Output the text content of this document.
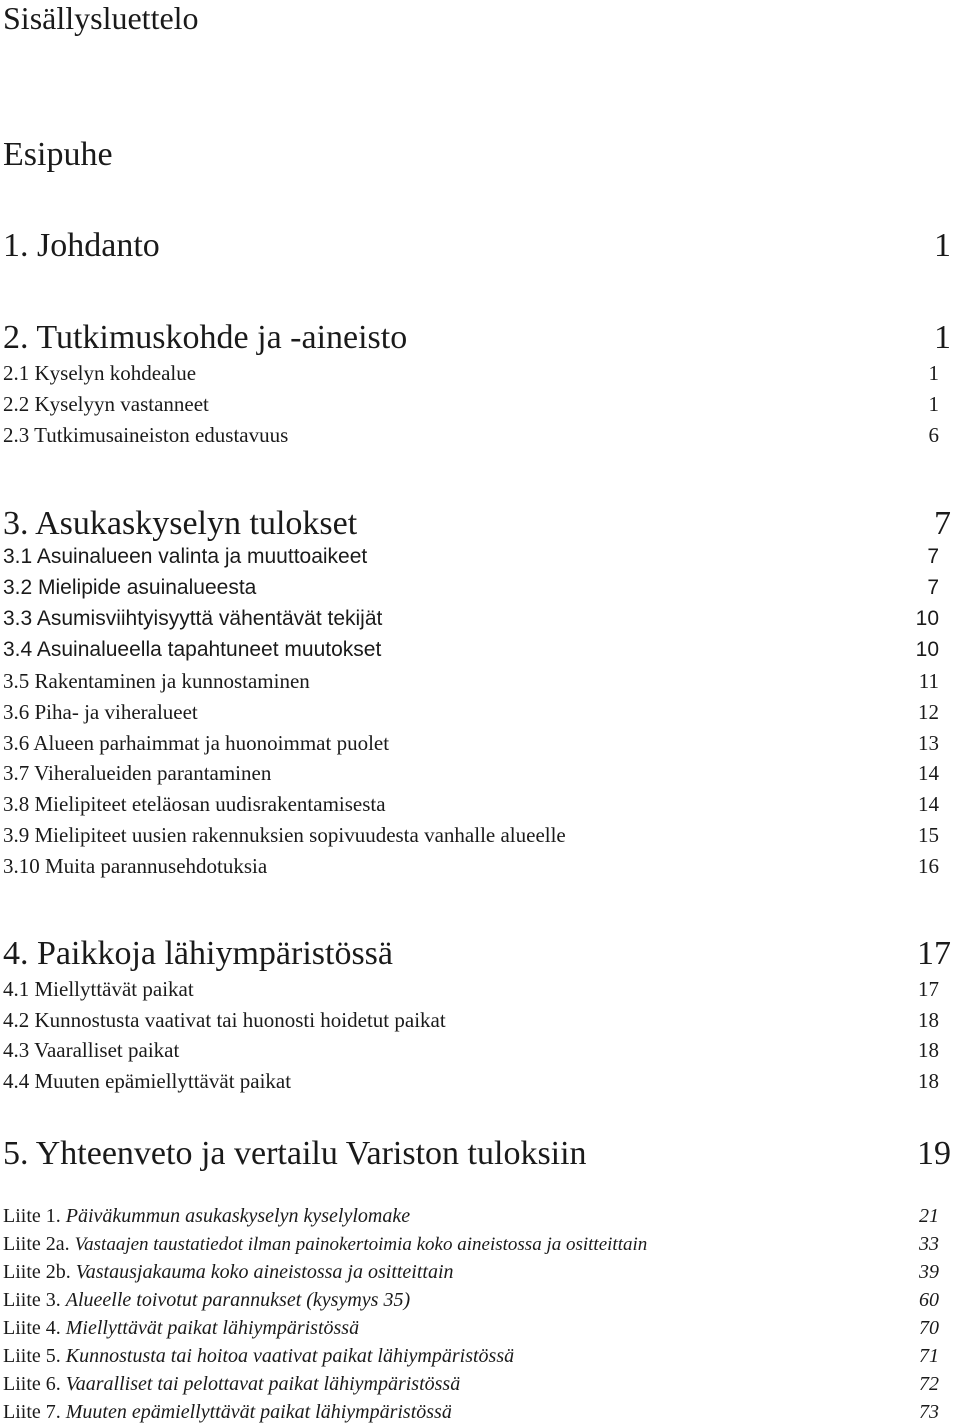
Sisällysluettelo
Esipuhe
1. Johdanto	1
2. Tutkimuskohde ja -aineisto	1
2.1 Kyselyn kohdealue	1
2.2 Kyselyyn vastanneet	1
2.3 Tutkimusaineiston edustavuus	6
3. Asukaskyselyn tulokset	7
3.1 Asuinalueen valinta ja muuttoaikeet	7
3.2 Mielipide asuinalueesta	7
3.3 Asumisviihtyisyyttä vähentävät tekijät	10
3.4 Asuinalueella tapahtuneet muutokset	10
3.5 Rakentaminen ja kunnostaminen	11
3.6 Piha- ja viheralueet	12
3.6 Alueen parhaimmat ja huonoimmat puolet	13
3.7 Viheralueiden parantaminen	14
3.8 Mielipiteet eteläosan uudisrakentamisesta	14
3.9 Mielipiteet uusien rakennuksien sopivuudesta vanhalle alueelle	15
3.10 Muita parannusehdotuksia	16
4. Paikkoja lähiympäristössä	17
4.1 Miellyttävät paikat	17
4.2 Kunnostusta vaativat tai huonosti hoidetut paikat	18
4.3 Vaaralliset paikat	18
4.4 Muuten epämiellyttävät paikat	18
5. Yhteenveto ja vertailu Variston tuloksiin	19
Liite 1. Päiväkummun asukaskyselyn kyselylomake	21
Liite 2a. Vastaajen taustatiedot ilman painokertoimia koko aineistossa ja ositteittain	33
Liite 2b. Vastausjakauma koko aineistossa ja ositteittain	39
Liite 3. Alueelle toivotut parannukset (kysymys 35)	60
Liite 4. Miellyttävät paikat lähiympäristössä	70
Liite 5. Kunnostusta tai hoitoa vaativat paikat lähiympäristössä	71
Liite 6. Vaaralliset tai pelottavat paikat lähiympäristössä	72
Liite 7. Muuten epämiellyttävät paikat lähiympäristössä	73
